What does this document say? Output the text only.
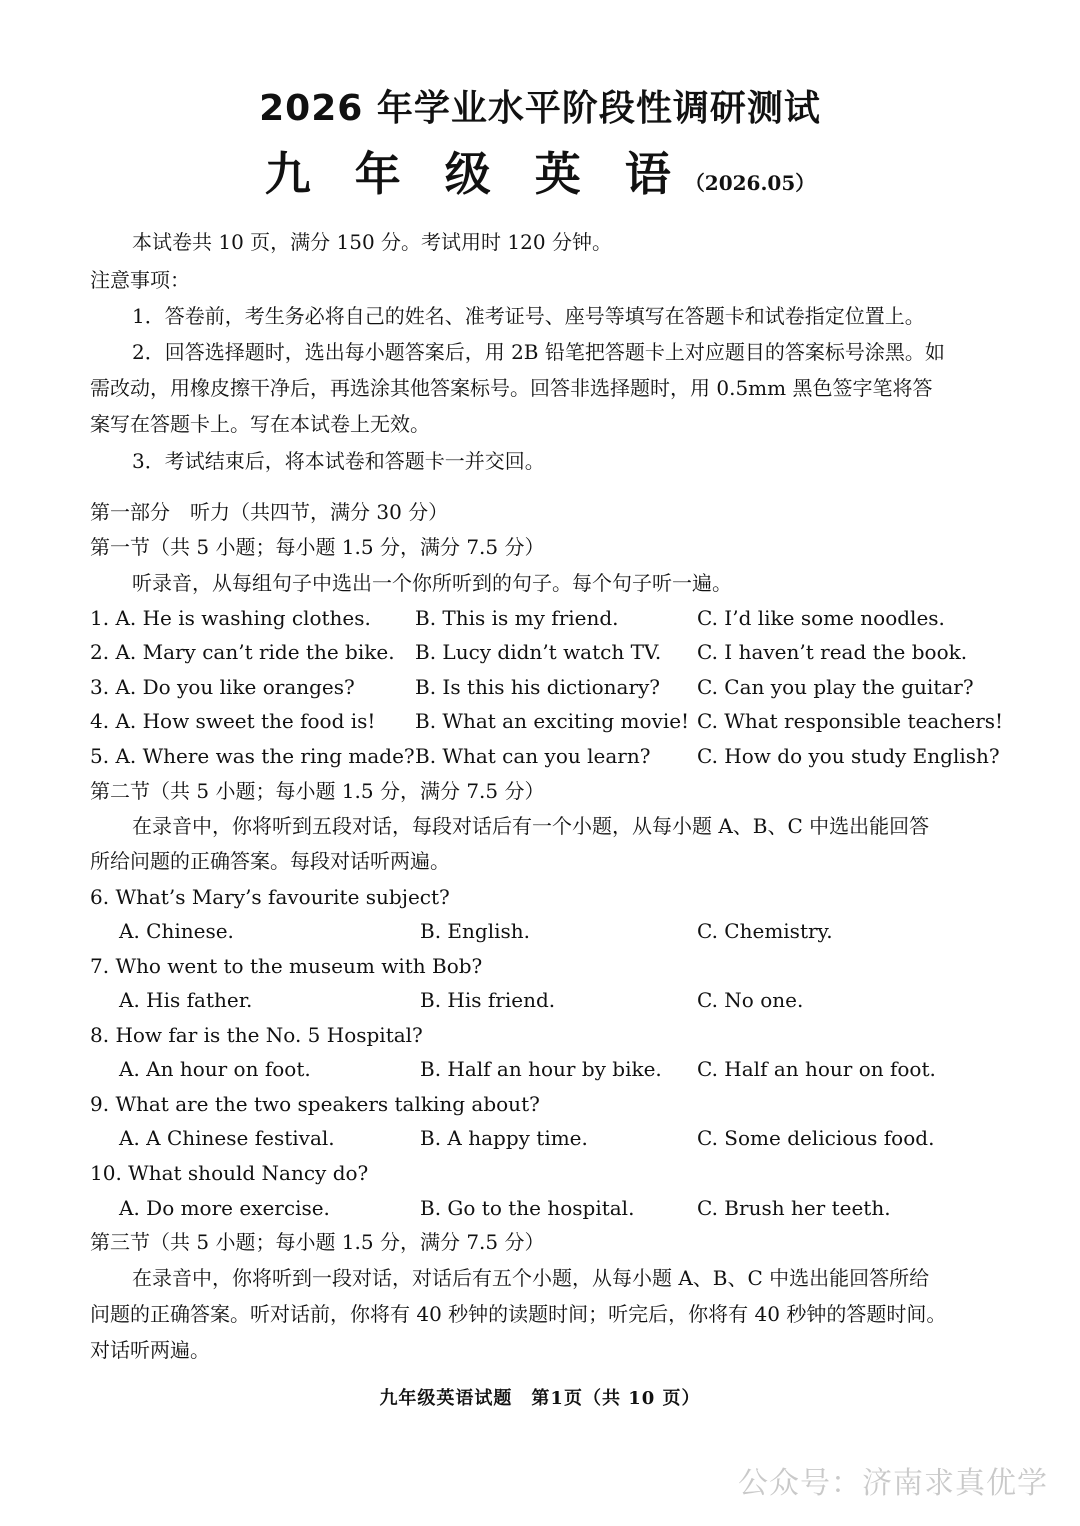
2026 年学业水平阶段性调研测试
九 年 级 英 语（2026.05）
本试卷共 10 页，满分 150 分。考试用时 120 分钟。
注意事项：
1．答卷前，考生务必将自己的姓名、准考证号、座号等填写在答题卡和试卷指定位置上。
2．回答选择题时，选出每小题答案后，用 2B 铅笔把答题卡上对应题目的答案标号涂黑。如
需改动，用橡皮擦干净后，再选涂其他答案标号。回答非选择题时，用 0.5mm 黑色签字笔将答
案写在答题卡上。写在本试卷上无效。
3．考试结束后，将本试卷和答题卡一并交回。
第一部分　听力（共四节，满分 30 分）
第一节（共 5 小题；每小题 1.5 分，满分 7.5 分）
听录音，从每组句子中选出一个你所听到的句子。每个句子听一遍。
1. A. He is washing clothes. B. This is my friend.	C. I’d like some noodles.
2. A. Mary can’t ride the bike. B. Lucy didn’t watch TV. C. I haven’t read the book.
3. A. Do you like oranges?	B. Is this his dictionary? C. Can you play the guitar?
4. A. How sweet the food is! B. What an exciting movie! C. What responsible teachers!
5. A. Where was the ring made? B. What can you learn? C. How do you study English?
第二节（共 5 小题；每小题 1.5 分，满分 7.5 分）
在录音中，你将听到五段对话，每段对话后有一个小题，从每小题 A、B、C 中选出能回答
所给问题的正确答案。每段对话听两遍。
6. What’s Mary’s favourite subject?
A. Chinese.	B. English.	C. Chemistry.
7. Who went to the museum with Bob?
A. His father.	B. His friend.	C. No one.
8. How far is the No. 5 Hospital?
A. An hour on foot.	B. Half an hour by bike. C. Half an hour on foot.
9. What are the two speakers talking about?
A. A Chinese festival.	B. A happy time.	C. Some delicious food.
10. What should Nancy do?
A. Do more exercise.	B. Go to the hospital.	C. Brush her teeth.
第三节（共 5 小题；每小题 1.5 分，满分 7.5 分）
在录音中，你将听到一段对话，对话后有五个小题，从每小题 A、B、C 中选出能回答所给
问题的正确答案。听对话前，你将有 40 秒钟的读题时间；听完后，你将有 40 秒钟的答题时间。
对话听两遍。
九年级英语试题　第1页（共 10 页）
公众号：济南求真优学
